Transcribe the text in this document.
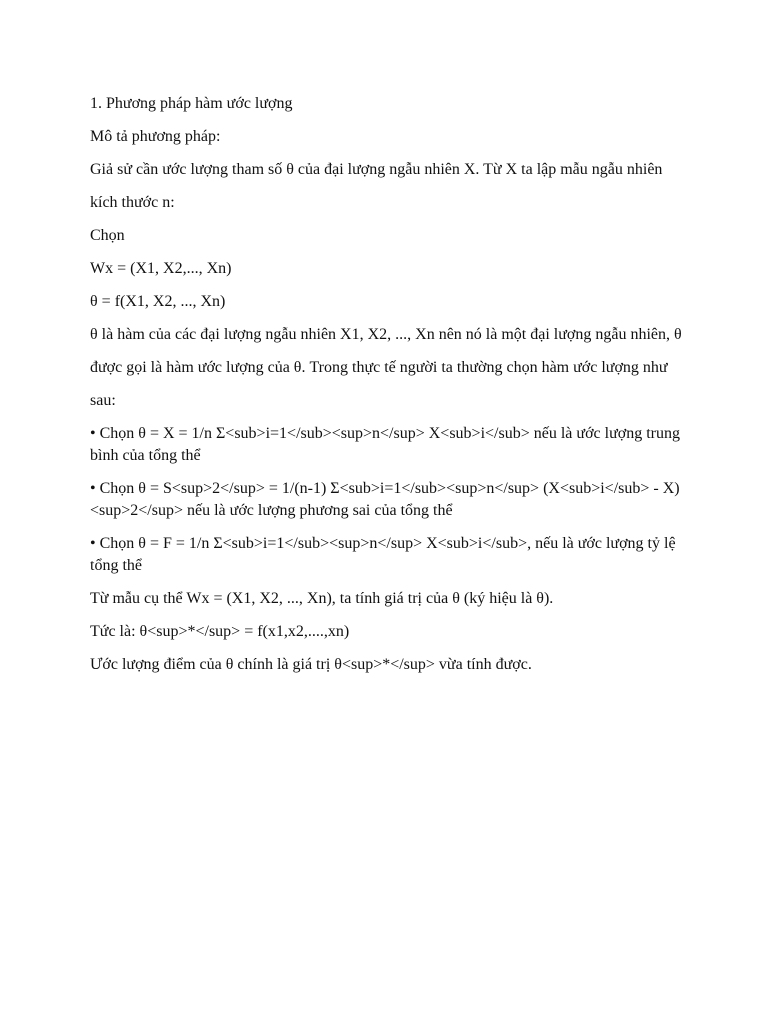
1. Phương pháp hàm ước lượng

Mô tả phương pháp:

Giả sử cần ước lượng tham số θ của đại lượng ngẫu nhiên X. Từ X ta lập mẫu ngẫu nhiên

kích thước n:

Chọn

Wx = (X1, X2,..., Xn)

θ = f(X1, X2, ..., Xn)

θ là hàm của các đại lượng ngẫu nhiên X1, X2, ..., Xn nên nó là một đại lượng ngẫu nhiên, θ

được gọi là hàm ước lượng của θ. Trong thực tế người ta thường chọn hàm ước lượng như

sau:

• Chọn θ = X = 1/n Σ<sub>i=1</sub><sup>n</sup> X<sub>i</sub> nếu là ước lượng trung bình của tổng thể

• Chọn θ = S<sup>2</sup> = 1/(n-1) Σ<sub>i=1</sub><sup>n</sup> (X<sub>i</sub> - X)<sup>2</sup> nếu là ước lượng phương sai của tổng thể

• Chọn θ = F = 1/n Σ<sub>i=1</sub><sup>n</sup> X<sub>i</sub>, nếu là ước lượng tỷ lệ tổng thể

Từ mẫu cụ thể Wx = (X1, X2, ..., Xn), ta tính giá trị của θ (ký hiệu là θ).

Tức là: θ<sup>*</sup> = f(x1,x2,....,xn)

Ước lượng điểm của θ chính là giá trị θ<sup>*</sup> vừa tính được.
